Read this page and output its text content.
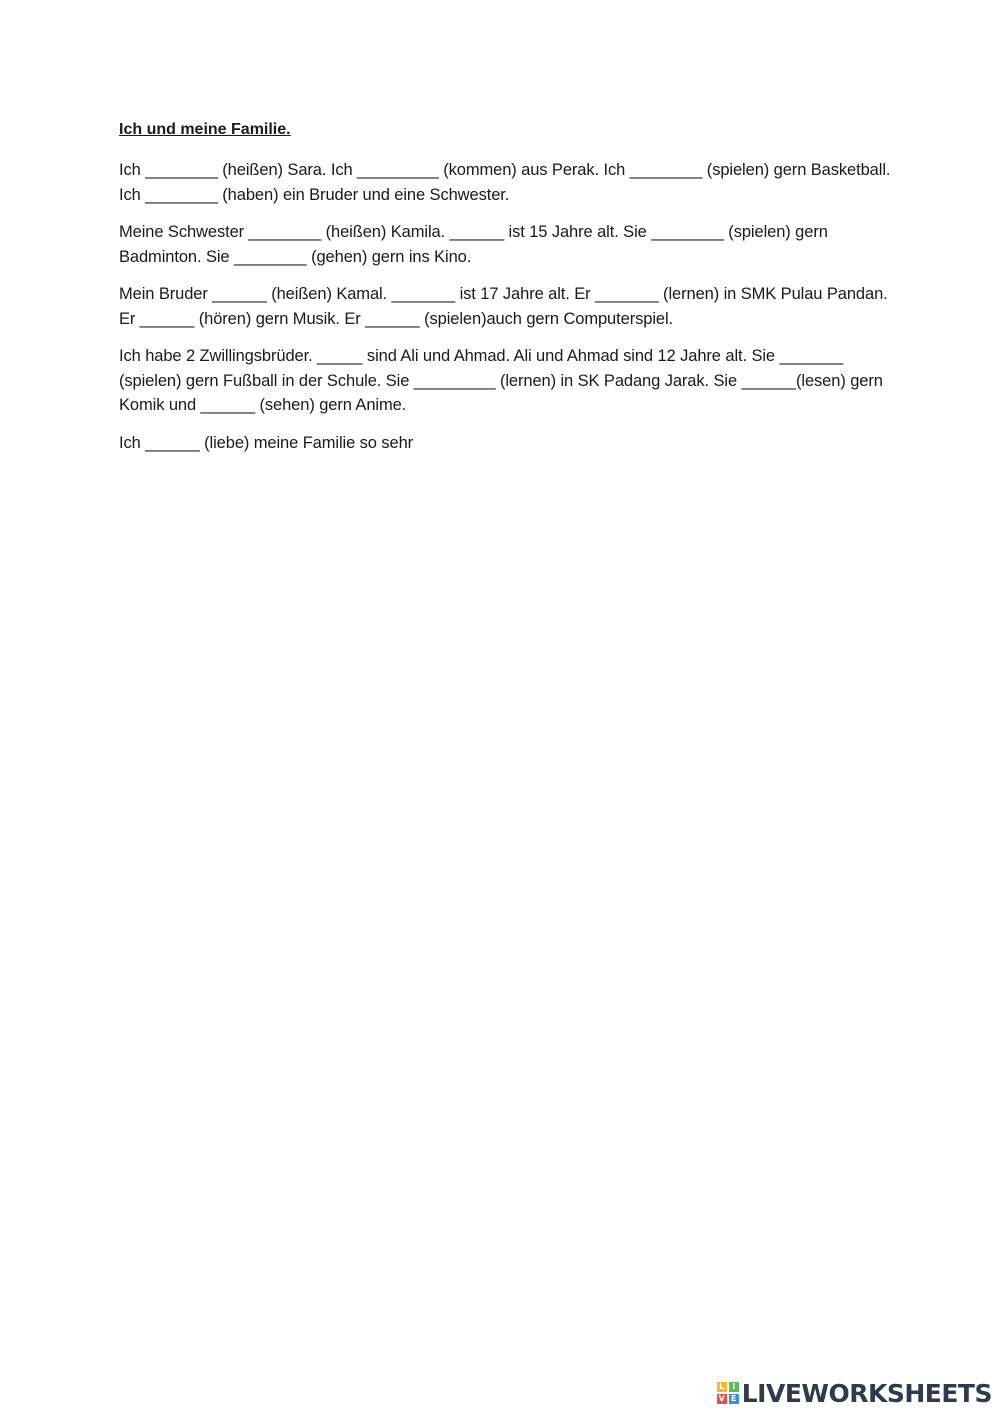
Ich und meine Familie.

Ich ________ (heißen) Sara. Ich _________ (kommen) aus Perak. Ich ________ (spielen) gern Basketball. Ich ________ (haben) ein Bruder und eine Schwester.

Meine Schwester ________ (heißen) Kamila. ______ ist 15 Jahre alt. Sie ________ (spielen) gern Badminton. Sie ________ (gehen) gern ins Kino.

Mein Bruder ______ (heißen) Kamal. _______ ist 17 Jahre alt. Er _______ (lernen) in SMK Pulau Pandan. Er ______ (hören) gern Musik. Er ______ (spielen)auch gern Computerspiel.

Ich habe 2 Zwillingsbrüder. _____ sind Ali und Ahmad. Ali und Ahmad sind 12 Jahre alt. Sie _______ (spielen) gern Fußball in der Schule. Sie _________ (lernen) in SK Padang Jarak. Sie ______(lesen) gern Komik und ______ (sehen) gern Anime.

Ich ______ (liebe) meine Familie so sehr

L I
V E LIVEWORKSHEETS
